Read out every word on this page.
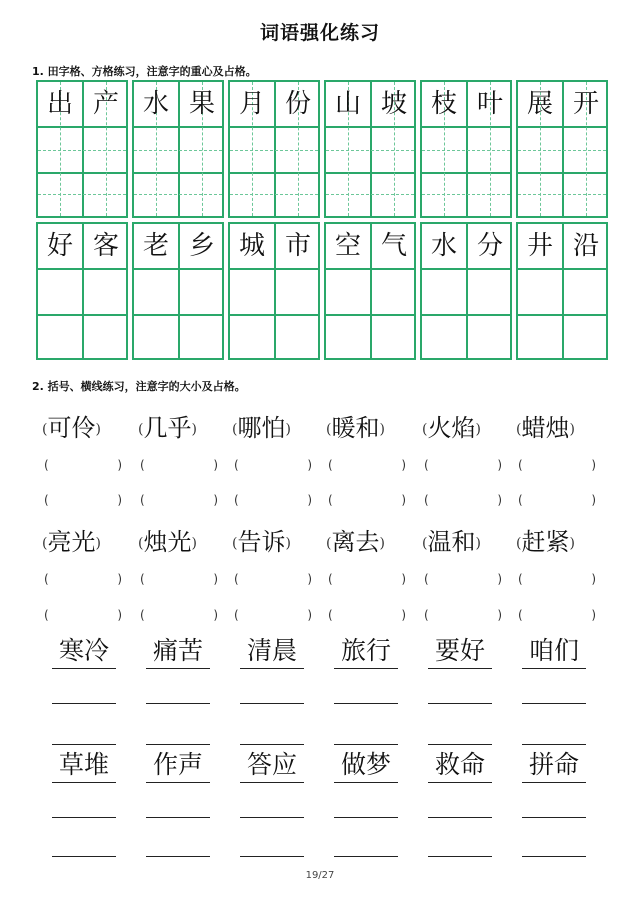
词语强化练习
1. 田字格、方格练习，注意字的重心及占格。
出 产 水 果 月 份 山 坡 枝 叶 展 开
好 客 老 乡 城 市 空 气 水 分 井 沿
2. 括号、横线练习，注意字的大小及占格。
(可伶)	(几乎)	(哪怕)	(暖和)	(火焰)	(蜡烛)
(	) (	) (	) (	) (	) (	)
(	) (	) (	) (	) (	) (	)
(亮光)	(烛光)	(告诉)	(离去)	(温和)	(赶紧)
(	) (	) (	) (	) (	) (	)
(	) (	) (	) (	) (	) (	)
寒冷 痛苦 清晨 旅行 要好 咱们
草堆 作声 答应 做梦 救命 拼命
19/27
